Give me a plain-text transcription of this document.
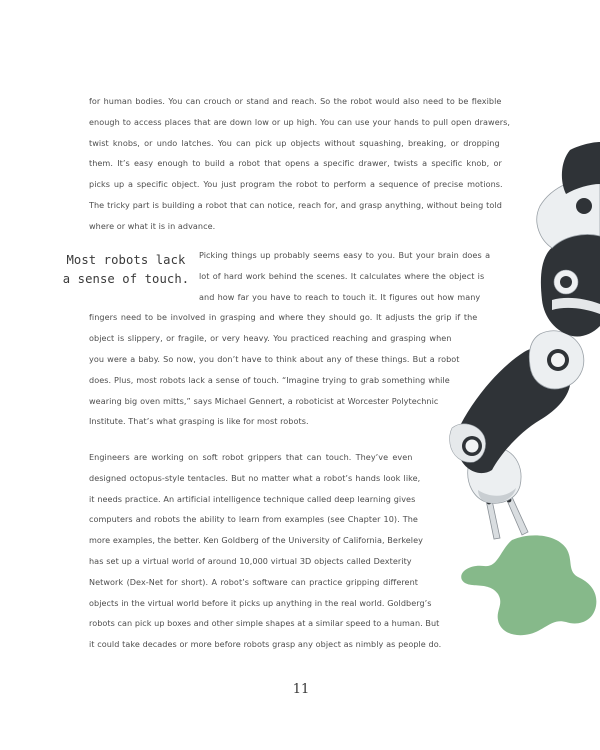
for human bodies. You can crouch or stand and reach. So the robot would also need to be flexible
enough to access places that are down low or up high. You can use your hands to pull open drawers,
twist knobs, or undo latches. You can pick up objects without squashing, breaking, or dropping
them. It’s easy enough to build a robot that opens a specific drawer, twists a specific knob, or
picks up a specific object. You just program the robot to perform a sequence of precise motions.
The tricky part is building a robot that can notice, reach for, and grasp anything, without being told
where or what it is in advance.

Most robots lack
a sense of touch.

Picking things up probably seems easy to you. But your brain does a
lot of hard work behind the scenes. It calculates where the object is
and how far you have to reach to touch it. It figures out how many
fingers need to be involved in grasping and where they should go. It adjusts the grip if the
object is slippery, or fragile, or very heavy. You practiced reaching and grasping when
you were a baby. So now, you don’t have to think about any of these things. But a robot
does. Plus, most robots lack a sense of touch. “Imagine trying to grab something while
wearing big oven mitts,” says Michael Gennert, a roboticist at Worcester Polytechnic
Institute. That’s what grasping is like for most robots.

Engineers are working on soft robot grippers that can touch. They’ve even
designed octopus-style tentacles. But no matter what a robot’s hands look like,
it needs practice. An artificial intelligence technique called deep learning gives
computers and robots the ability to learn from examples (see Chapter 10). The
more examples, the better. Ken Goldberg of the University of California, Berkeley
has set up a virtual world of around 10,000 virtual 3D objects called Dexterity
Network (Dex-Net for short). A robot’s software can practice gripping different
objects in the virtual world before it picks up anything in the real world. Goldberg’s
robots can pick up boxes and other simple shapes at a similar speed to a human. But
it could take decades or more before robots grasp any object as nimbly as people do.

11
